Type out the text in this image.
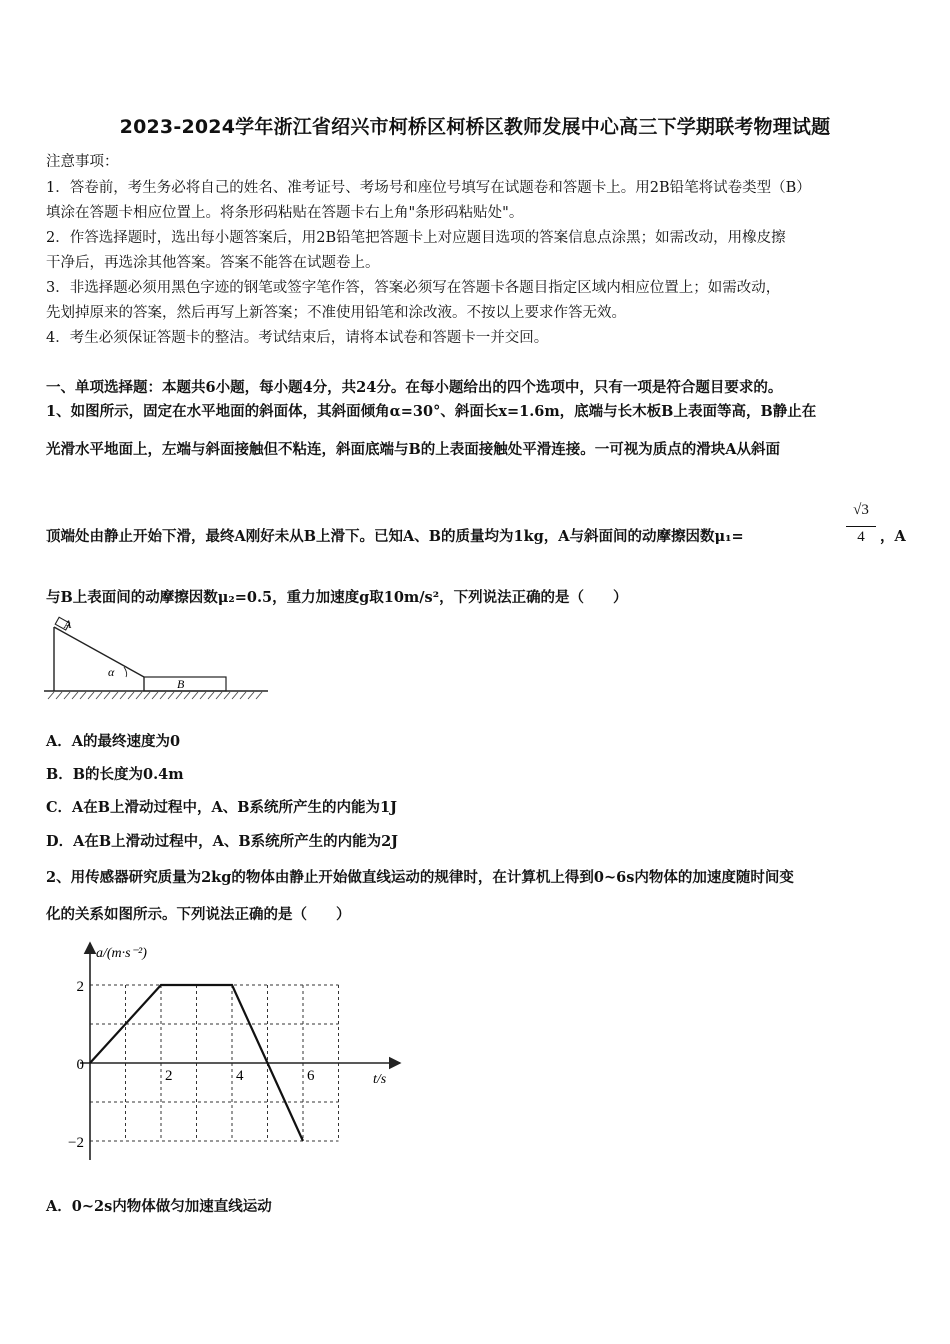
2023-2024学年浙江省绍兴市柯桥区柯桥区教师发展中心高三下学期联考物理试题
注意事项：
1．答卷前，考生务必将自己的姓名、准考证号、考场号和座位号填写在试题卷和答题卡上。用2B铅笔将试卷类型（B）
填涂在答题卡相应位置上。将条形码粘贴在答题卡右上角"条形码粘贴处"。
2．作答选择题时，选出每小题答案后，用2B铅笔把答题卡上对应题目选项的答案信息点涂黑；如需改动，用橡皮擦
干净后，再选涂其他答案。答案不能答在试题卷上。
3．非选择题必须用黑色字迹的钢笔或签字笔作答，答案必须写在答题卡各题目指定区域内相应位置上；如需改动，
先划掉原来的答案，然后再写上新答案；不准使用铅笔和涂改液。不按以上要求作答无效。
4．考生必须保证答题卡的整洁。考试结束后，请将本试卷和答题卡一并交回。
一、单项选择题：本题共6小题，每小题4分，共24分。在每小题给出的四个选项中，只有一项是符合题目要求的。
1、如图所示，固定在水平地面的斜面体，其斜面倾角α=30°、斜面长x=1.6m，底端与长木板B上表面等高，B静止在
光滑水平地面上，左端与斜面接触但不粘连，斜面底端与B的上表面接触处平滑连接。一可视为质点的滑块A从斜面
顶端处由静止开始下滑，最终A刚好未从B上滑下。已知A、B的质量均为1kg，A与斜面间的动摩擦因数μ₁=
√3
4	，A
与B上表面间的动摩擦因数μ₂=0.5，重力加速度g取10m/s²，下列说法正确的是（　　）
A
B
α
A．A的最终速度为0
B．B的长度为0.4m
C．A在B上滑动过程中，A、B系统所产生的内能为1J
D．A在B上滑动过程中，A、B系统所产生的内能为2J
2、用传感器研究质量为2kg的物体由静止开始做直线运动的规律时，在计算机上得到0~6s内物体的加速度随时间变
化的关系如图所示。下列说法正确的是（　　）
2	4	6
2
0
−2
a/(m·s⁻²)
t/s
A．0~2s内物体做匀加速直线运动
